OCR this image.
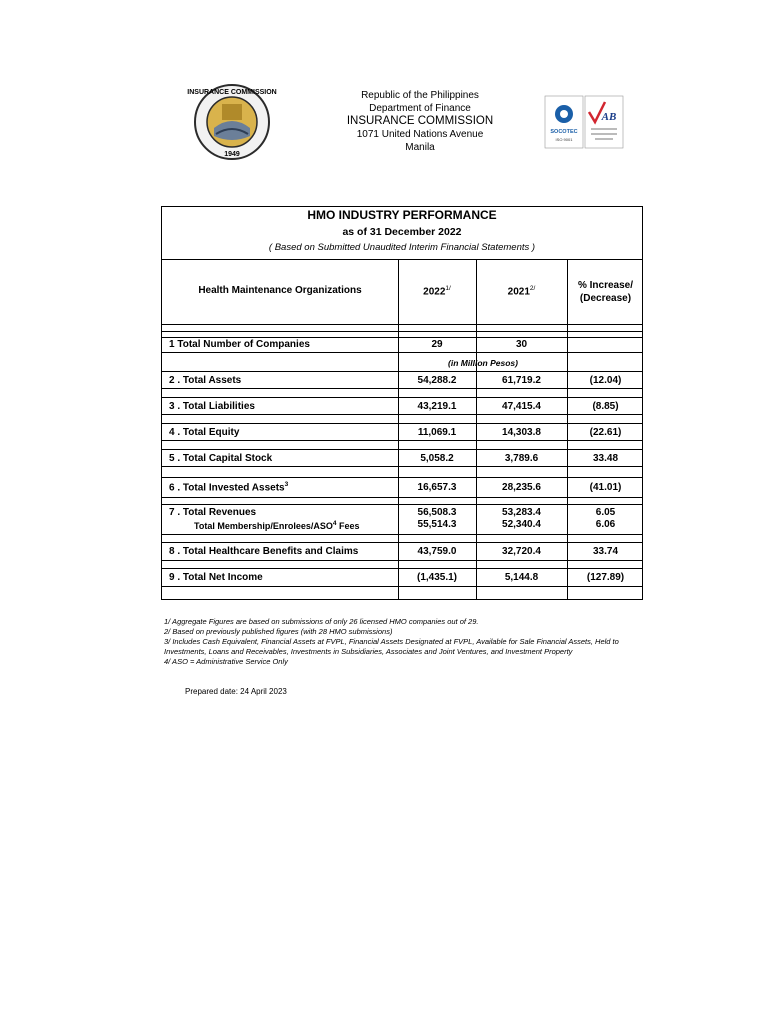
INSURANCE COMMISSION
1949
Republic of the Philippines
Department of Finance
INSURANCE COMMISSION
1071 United Nations Avenue
Manila
SOCOTEC
ISO 9001
AB
HMO INDUSTRY PERFORMANCE
as of 31 December 2022
( Based on Submitted Unaudited Interim Financial Statements )
Health Maintenance Organizations	$2022^{1/}$	$2021^{2/}$	% Increase/
(Decrease)
1 Total Number of Companies	29	30
(in Million Pesos)
2 . Total Assets	54,288.2	61,719.2	(12.04)
3 . Total Liabilities	43,219.1	47,415.4	(8.85)
4 . Total Equity	11,069.1	14,303.8	(22.61)
5 . Total Capital Stock	5,058.2	3,789.6	33.48
6 . Total Invested Assets$^3$	16,657.3	28,235.6	(41.01)
7 . Total Revenues	56,508.3	53,283.4	6.05
Total Membership/Enrolees/ASO$^4$ Fees	55,514.3	52,340.4	6.06
8 . Total Healthcare Benefits and Claims	43,759.0	32,720.4	33.74
9 . Total Net Income	(1,435.1)	5,144.8	(127.89)
1/ Aggregate Figures are based on submissions of only 26 licensed HMO companies out of 29.
2/ Based on previously published figures (with 28 HMO submissions)
3/ Includes Cash Equivalent, Financial Assets at FVPL, Financial Assets Designated at FVPL, Available for Sale Financial Assets, Held to
Investments, Loans and Receivables, Investments in Subsidiaries, Associates and Joint Ventures, and Investment Property
4/ ASO = Administrative Service Only
Prepared date: 24 April 2023
